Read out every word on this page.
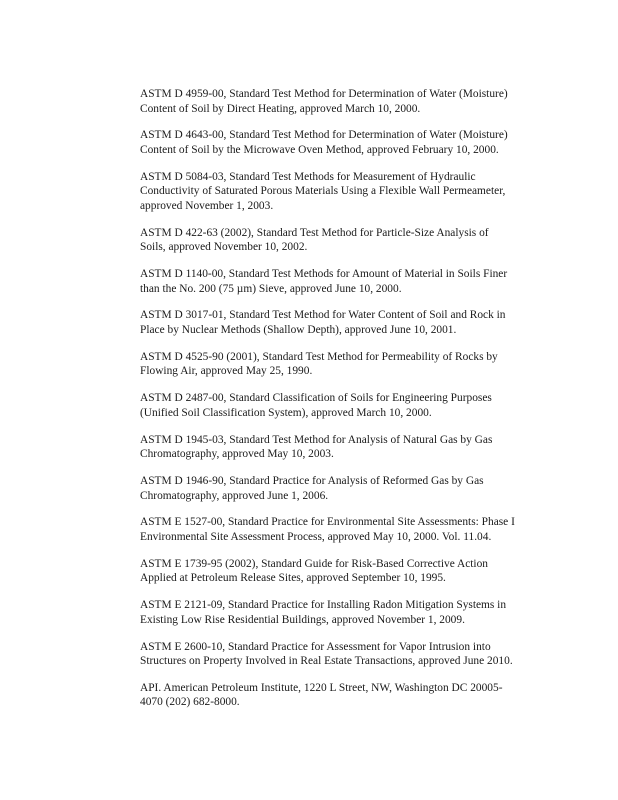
ASTM D 4959-00, Standard Test Method for Determination of Water (Moisture)
Content of Soil by Direct Heating, approved March 10, 2000.
ASTM D 4643-00, Standard Test Method for Determination of Water (Moisture)
Content of Soil by the Microwave Oven Method, approved February 10, 2000.
ASTM D 5084-03, Standard Test Methods for Measurement of Hydraulic
Conductivity of Saturated Porous Materials Using a Flexible Wall Permeameter,
approved November 1, 2003.
ASTM D 422-63 (2002), Standard Test Method for Particle-Size Analysis of
Soils, approved November 10, 2002.
ASTM D 1140-00, Standard Test Methods for Amount of Material in Soils Finer
than the No. 200 (75 µm) Sieve, approved June 10, 2000.
ASTM D 3017-01, Standard Test Method for Water Content of Soil and Rock in
Place by Nuclear Methods (Shallow Depth), approved June 10, 2001.
ASTM D 4525-90 (2001), Standard Test Method for Permeability of Rocks by
Flowing Air, approved May 25, 1990.
ASTM D 2487-00, Standard Classification of Soils for Engineering Purposes
(Unified Soil Classification System), approved March 10, 2000.
ASTM D 1945-03, Standard Test Method for Analysis of Natural Gas by Gas
Chromatography, approved May 10, 2003.
ASTM D 1946-90, Standard Practice for Analysis of Reformed Gas by Gas
Chromatography, approved June 1, 2006.
ASTM E 1527-00, Standard Practice for Environmental Site Assessments: Phase I
Environmental Site Assessment Process, approved May 10, 2000. Vol. 11.04.
ASTM E 1739-95 (2002), Standard Guide for Risk-Based Corrective Action
Applied at Petroleum Release Sites, approved September 10, 1995.
ASTM E 2121-09, Standard Practice for Installing Radon Mitigation Systems in
Existing Low Rise Residential Buildings, approved November 1, 2009.
ASTM E 2600-10, Standard Practice for Assessment for Vapor Intrusion into
Structures on Property Involved in Real Estate Transactions, approved June 2010.
API. American Petroleum Institute, 1220 L Street, NW, Washington DC 20005-
4070 (202) 682-8000.
